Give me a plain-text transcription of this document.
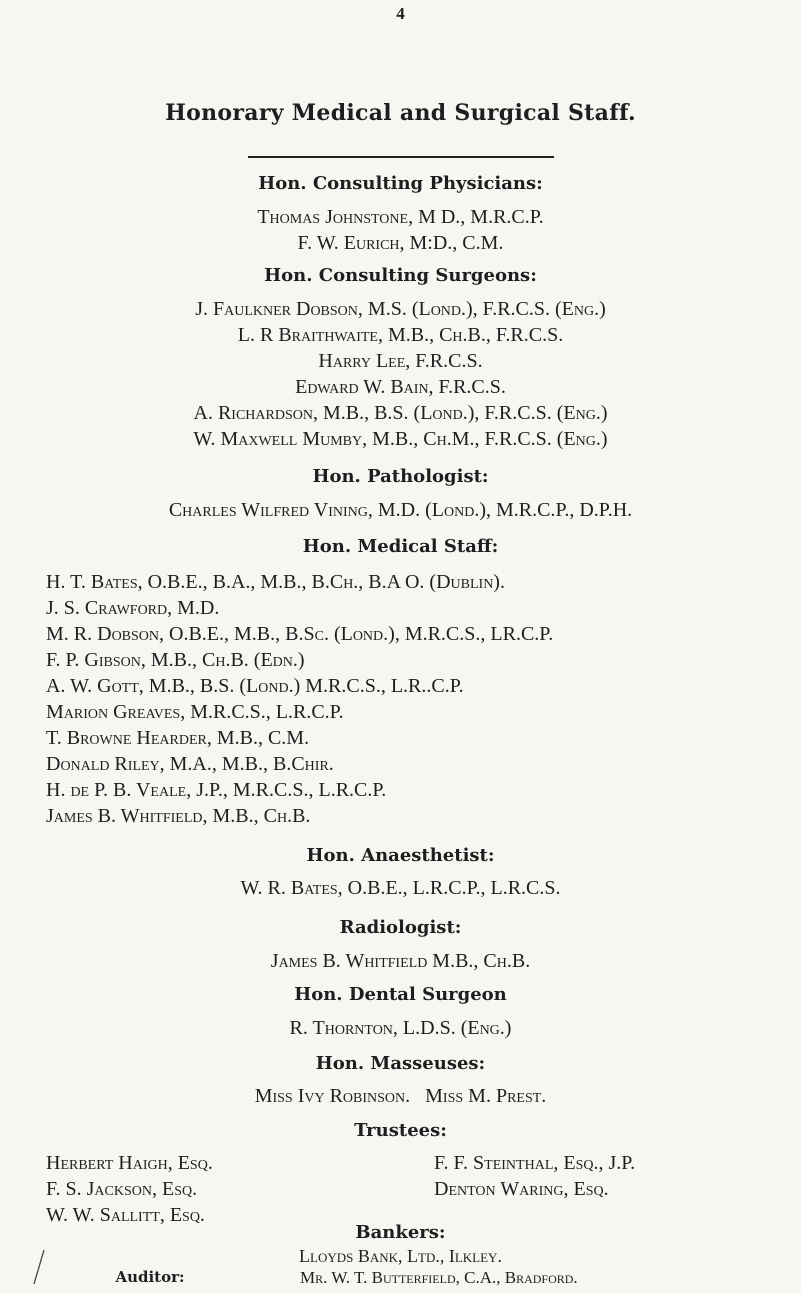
4
Honorary Medical and Surgical Staff.
Hon. Consulting Physicians:
Thomas Johnstone, M D., M.R.C.P.
F. W. Eurich, M:D., C.M.
Hon. Consulting Surgeons:
J. Faulkner Dobson, M.S. (Lond.), F.R.C.S. (Eng.)
L. R Braithwaite, M.B., Ch.B., F.R.C.S.
Harry Lee, F.R.C.S.
Edward W. Bain, F.R.C.S.
A. Richardson, M.B., B.S. (Lond.), F.R.C.S. (Eng.)
W. Maxwell Mumby, M.B., Ch.M., F.R.C.S. (Eng.)
Hon. Pathologist:
Charles Wilfred Vining, M.D. (Lond.), M.R.C.P., D.P.H.
Hon. Medical Staff:
H. T. Bates, O.B.E., B.A., M.B., B.Ch., B.A O. (Dublin).
J. S. Crawford, M.D.
M. R. Dobson, O.B.E., M.B., B.Sc. (Lond.), M.R.C.S., LR.C.P.
F. P. Gibson, M.B., Ch.B. (Edn.)
A. W. Gott, M.B., B.S. (Lond.) M.R.C.S., L.R..C.P.
Marion Greaves, M.R.C.S., L.R.C.P.
T. Browne Hearder, M.B., C.M.
Donald Riley, M.A., M.B., B.Chir.
H. de P. B. Veale, J.P., M.R.C.S., L.R.C.P.
James B. Whitfield, M.B., Ch.B.
Hon. Anaesthetist:
W. R. Bates, O.B.E., L.R.C.P., L.R.C.S.
Radiologist:
James B. Whitfield M.B., Ch.B.
Hon. Dental Surgeon
R. Thornton, L.D.S. (Eng.)
Hon. Masseuses:
Miss Ivy Robinson.   Miss M. Prest.
Trustees:
Herbert Haigh, Esq.	F. F. Steinthal, Esq., J.P.
F. S. Jackson, Esq.	Denton Waring, Esq.
W. W. Sallitt, Esq.
Bankers:
Lloyds Bank, Ltd., Ilkley.
Auditor:	Mr. W. T. Butterfield, C.A., Bradford.
